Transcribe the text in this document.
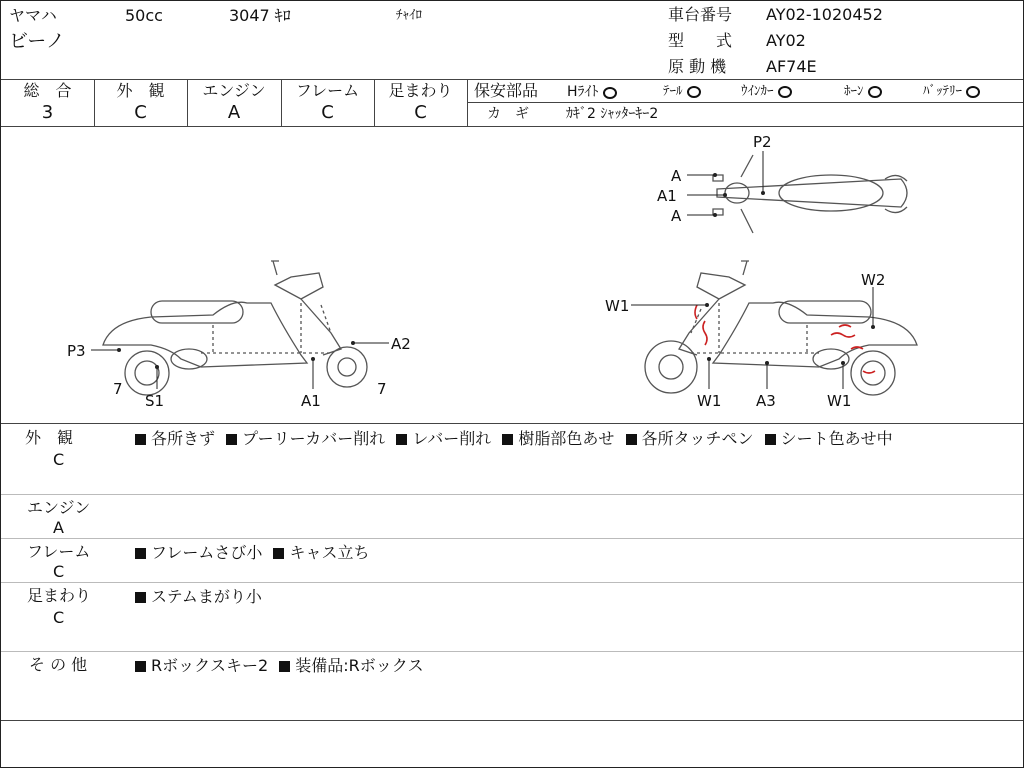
ヤマハ	50cc	3047 ｷﾛ	ﾁｬｲﾛ
ビーノ
車台番号 AY02-1020452
型　　式 AY02
原 動 機 AF74E
総　合
3
外　観
C
エンジン
A
フレーム
C
足まわり
C
保安部品 Hﾗｲﾄ	ﾃｰﾙ	ｳｲﾝｶｰ	ﾎｰﾝ	ﾊﾞｯﾃﾘｰ
カ　ギ	ｶｷﾞ2 ｼｬｯﾀｰｷｰ2
P3
7
S1	A1
A2
7
P2
A
A1
A
W1
W2
W1 A3	W1
外　観
C
各所きず プーリーカバー削れ レバー削れ 樹脂部色あせ 各所タッチペン シート色あせ中
エンジン
A
フレーム
C
フレームさび小 キャス立ち
足まわり
C
ステムまがり小
そ の 他	Rボックスキー2 装備品:Rボックス
